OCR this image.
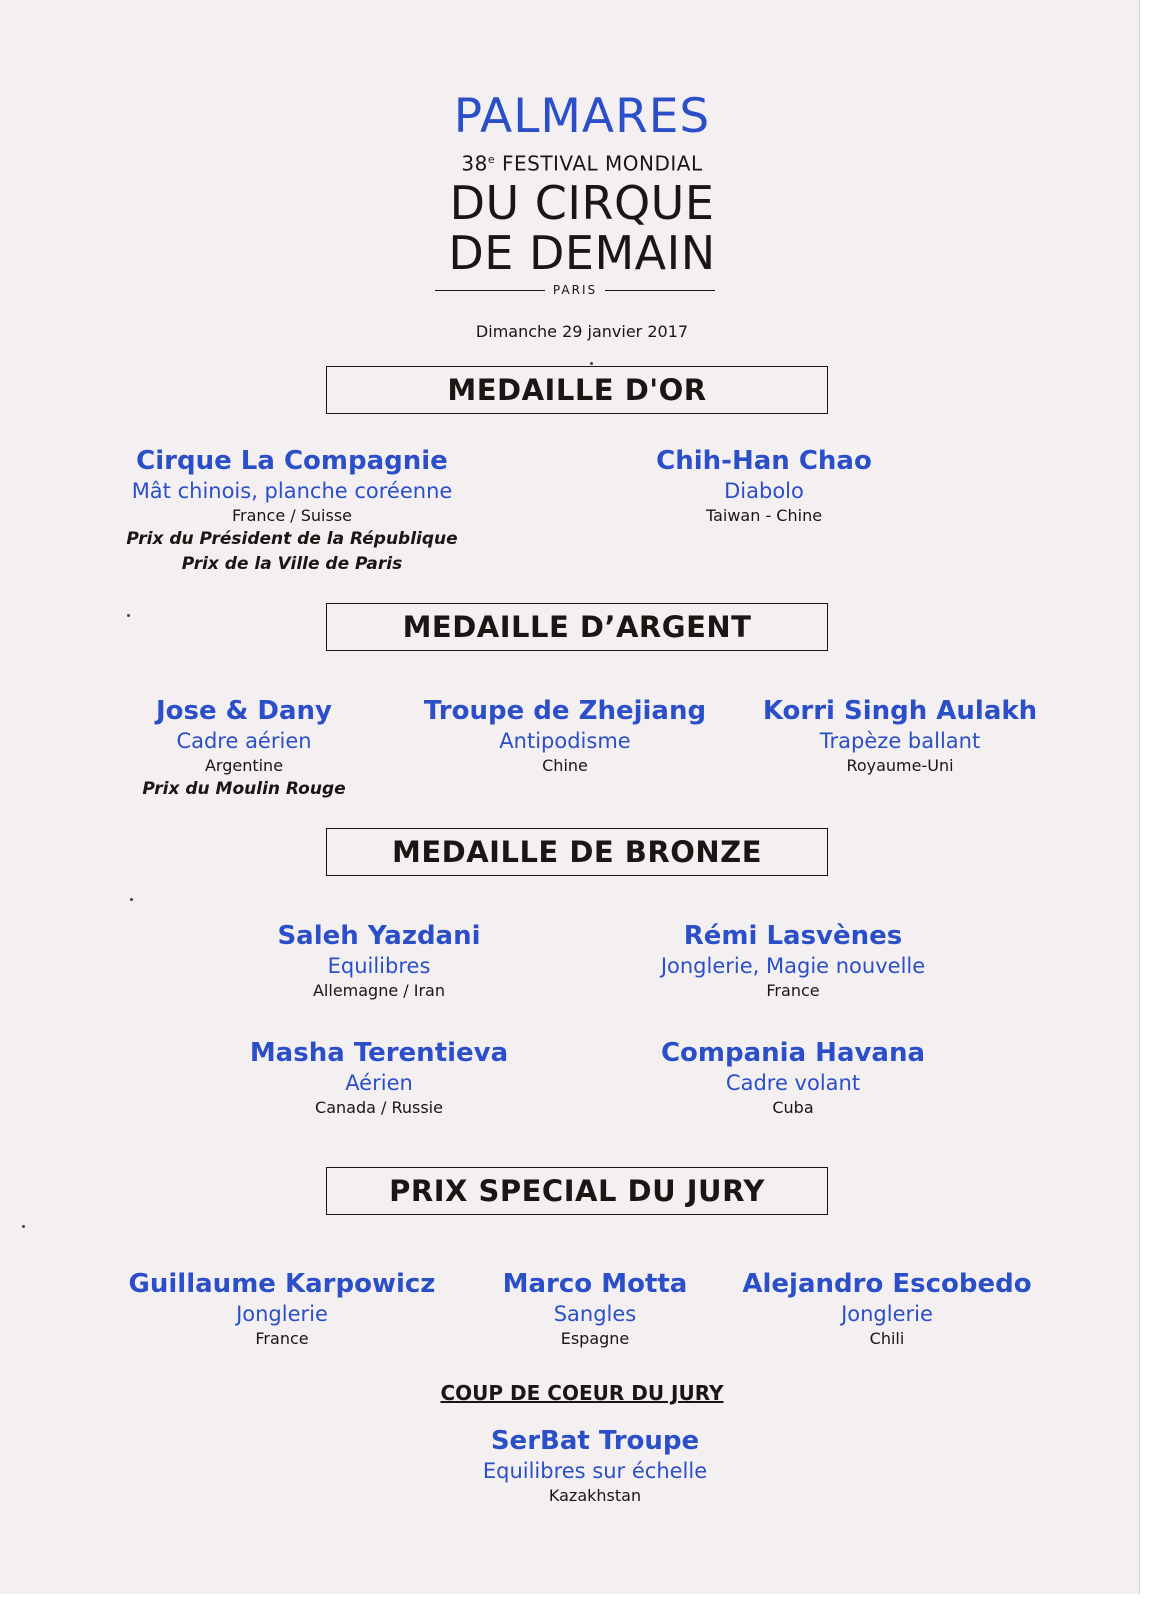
PALMARES
38e FESTIVAL MONDIAL
DU CIRQUE
DE DEMAIN
PARIS
Dimanche 29 janvier 2017
MEDAILLE D'OR
Cirque La Compagnie
Mât chinois, planche coréenne
France / Suisse
Prix du Président de la République
Prix de la Ville de Paris
Chih-Han Chao
Diabolo
Taiwan - Chine
MEDAILLE D’ARGENT
Jose & Dany
Cadre aérien
Argentine
Prix du Moulin Rouge
Troupe de Zhejiang
Antipodisme
Chine
Korri Singh Aulakh
Trapèze ballant
Royaume-Uni
MEDAILLE DE BRONZE
Saleh Yazdani
Equilibres
Allemagne / Iran
Rémi Lasvènes
Jonglerie, Magie nouvelle
France
Masha Terentieva
Aérien
Canada / Russie
Compania Havana
Cadre volant
Cuba
PRIX SPECIAL DU JURY
Guillaume Karpowicz
Jonglerie
France
Marco Motta
Sangles
Espagne
Alejandro Escobedo
Jonglerie
Chili
COUP DE COEUR DU JURY
SerBat Troupe
Equilibres sur échelle
Kazakhstan
